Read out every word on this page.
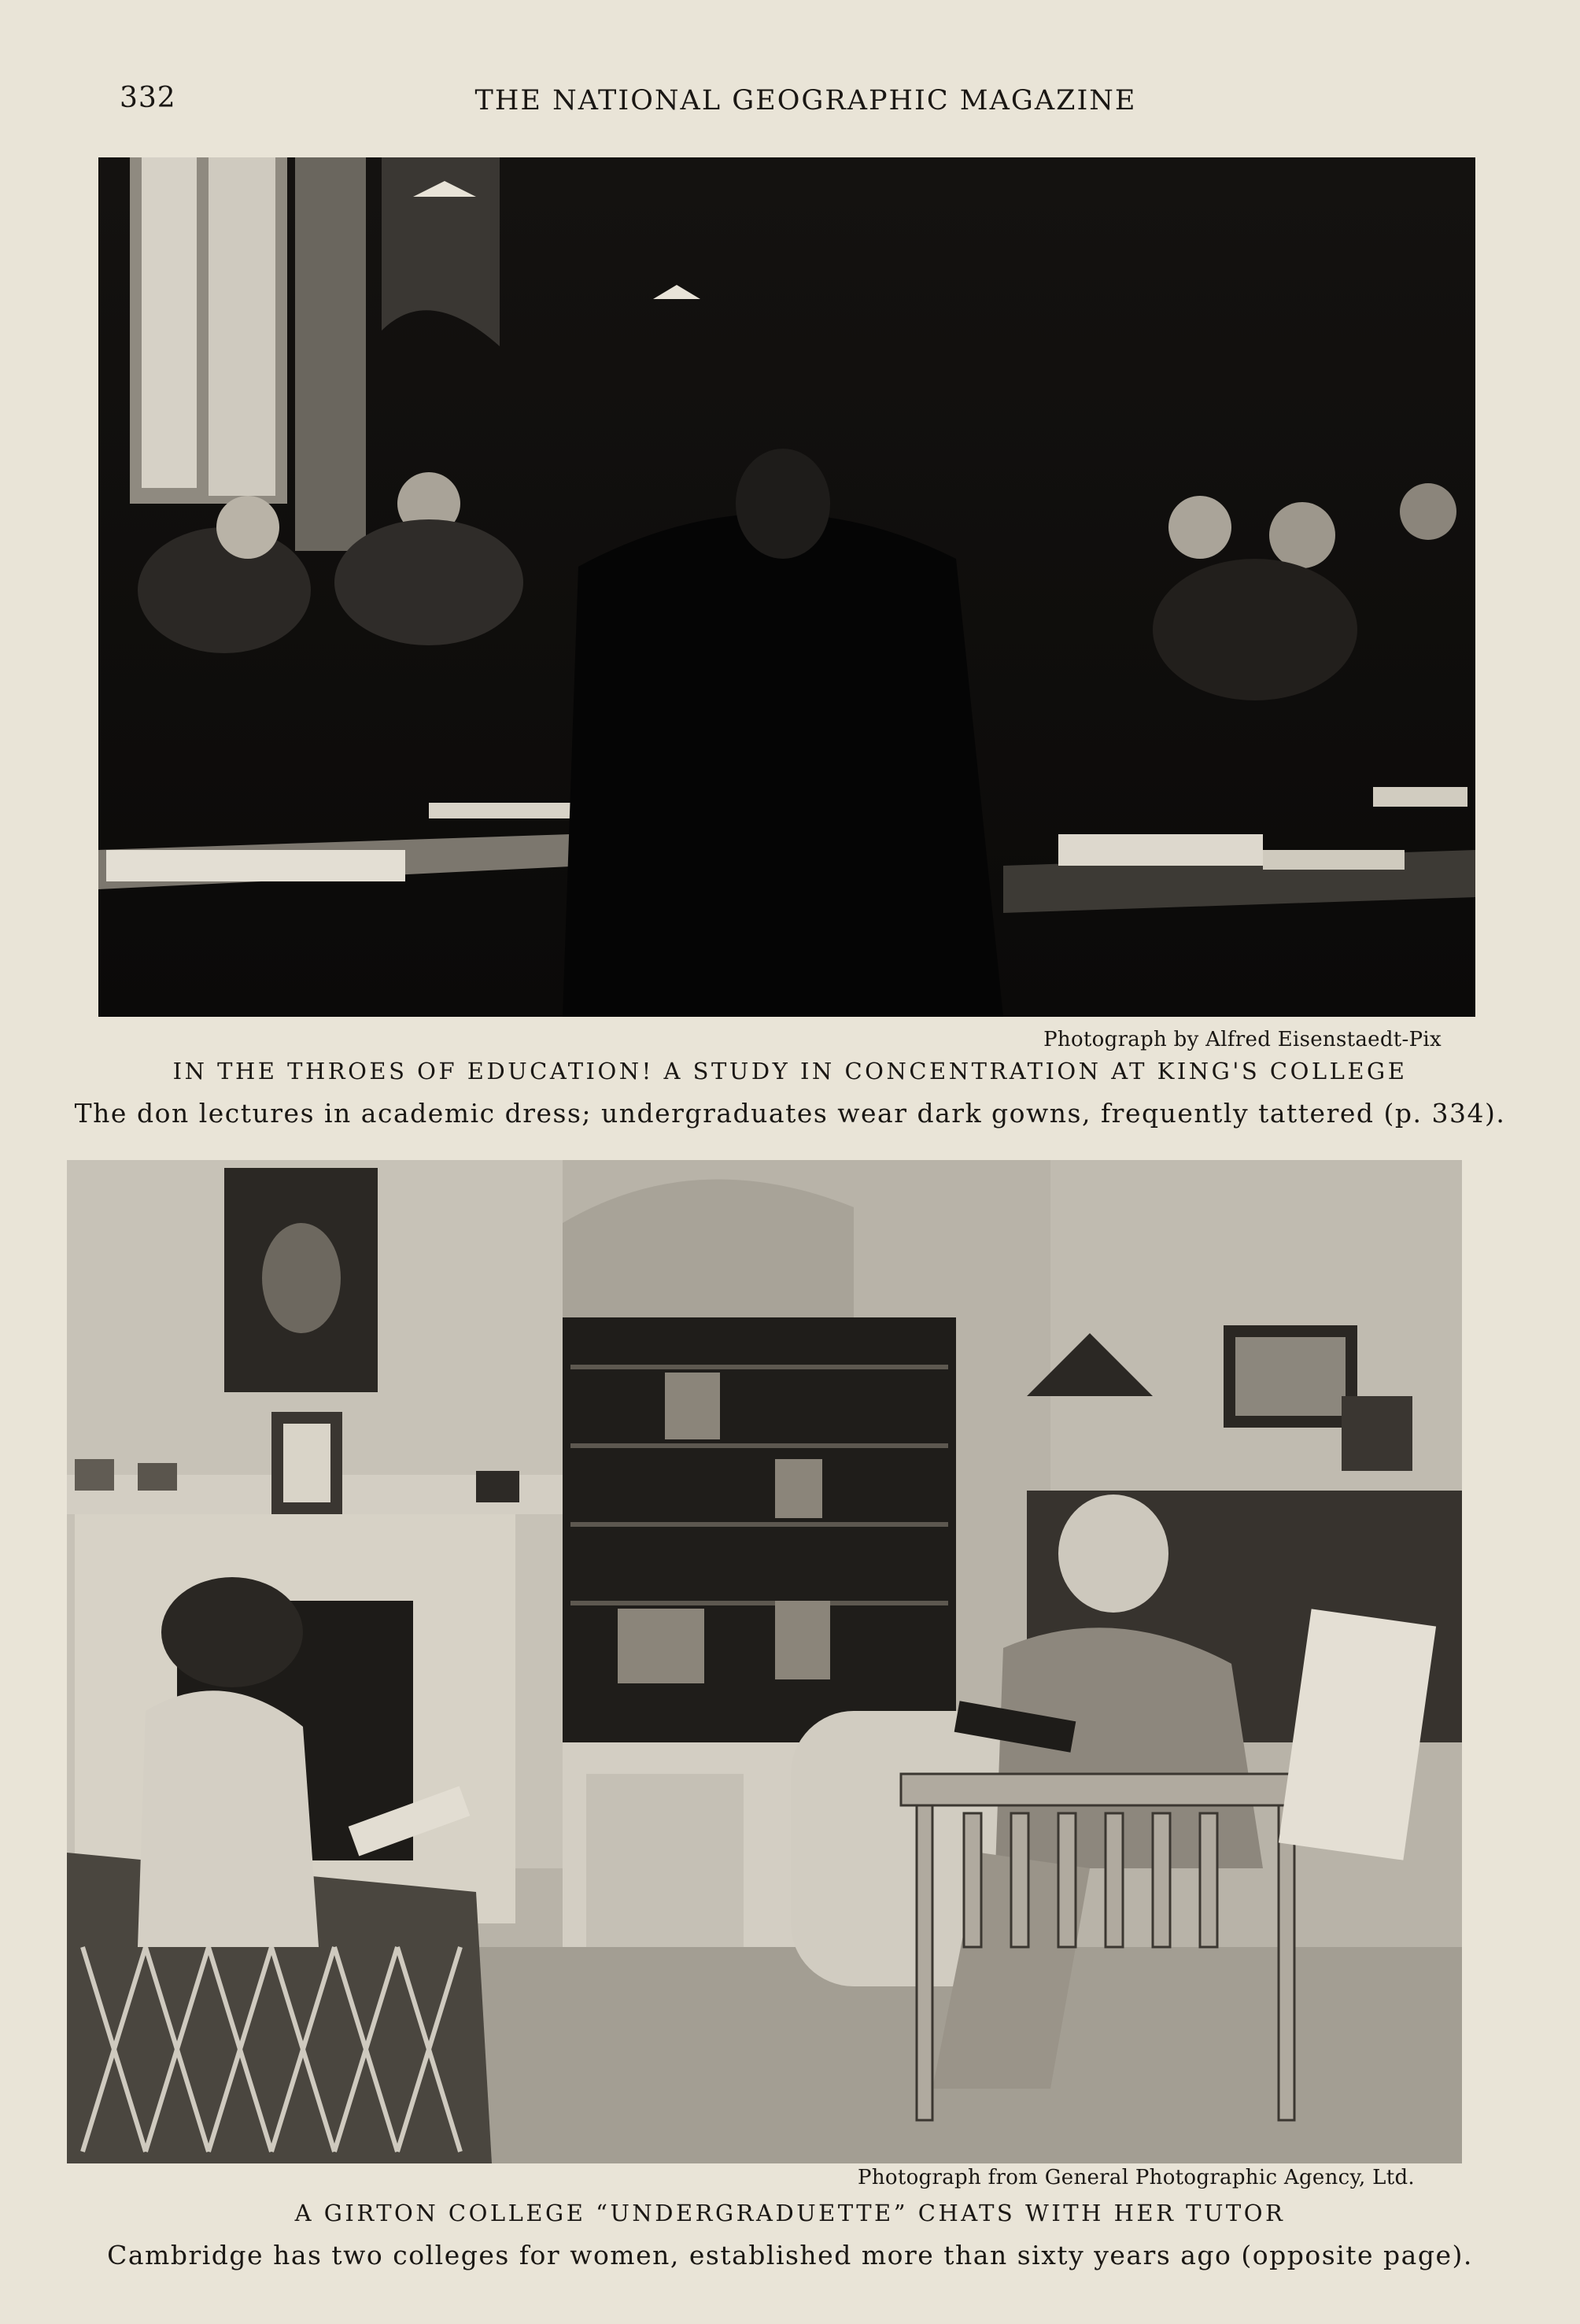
332	THE NATIONAL GEOGRAPHIC MAGAZINE
Photograph by Alfred Eisenstaedt-Pix
IN THE THROES OF EDUCATION! A STUDY IN CONCENTRATION AT KING'S COLLEGE
The don lectures in academic dress; undergraduates wear dark gowns, frequently tattered (p. 334).
Photograph from General Photographic Agency, Ltd.
A GIRTON COLLEGE “UNDERGRADUETTE” CHATS WITH HER TUTOR
Cambridge has two colleges for women, established more than sixty years ago (opposite page).
